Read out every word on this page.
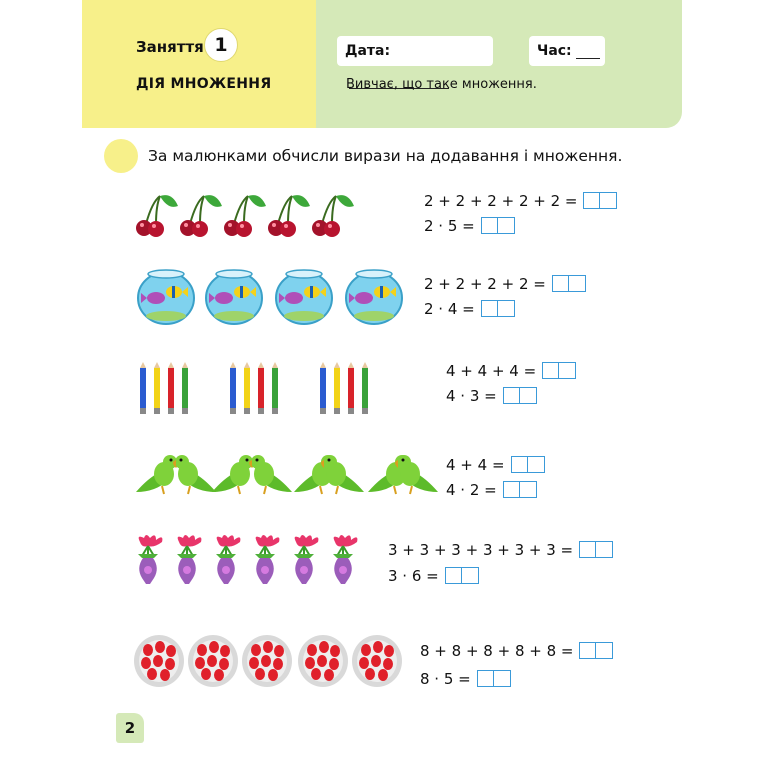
Заняття 1
ДІЯ МНОЖЕННЯ
Дата:	Час:
Вивчає, що таке множення.
За малюнками обчисли вирази на додавання і множення.
2 + 2 + 2 + 2 + 2 =
2 · 5 =
2 + 2 + 2 + 2 =
2 · 4 =
4 + 4 + 4 =
4 · 3 =
4 + 4 =
4 · 2 =
3 + 3 + 3 + 3 + 3 + 3 =
3 · 6 =
8 + 8 + 8 + 8 + 8 =
8 · 5 =
2
